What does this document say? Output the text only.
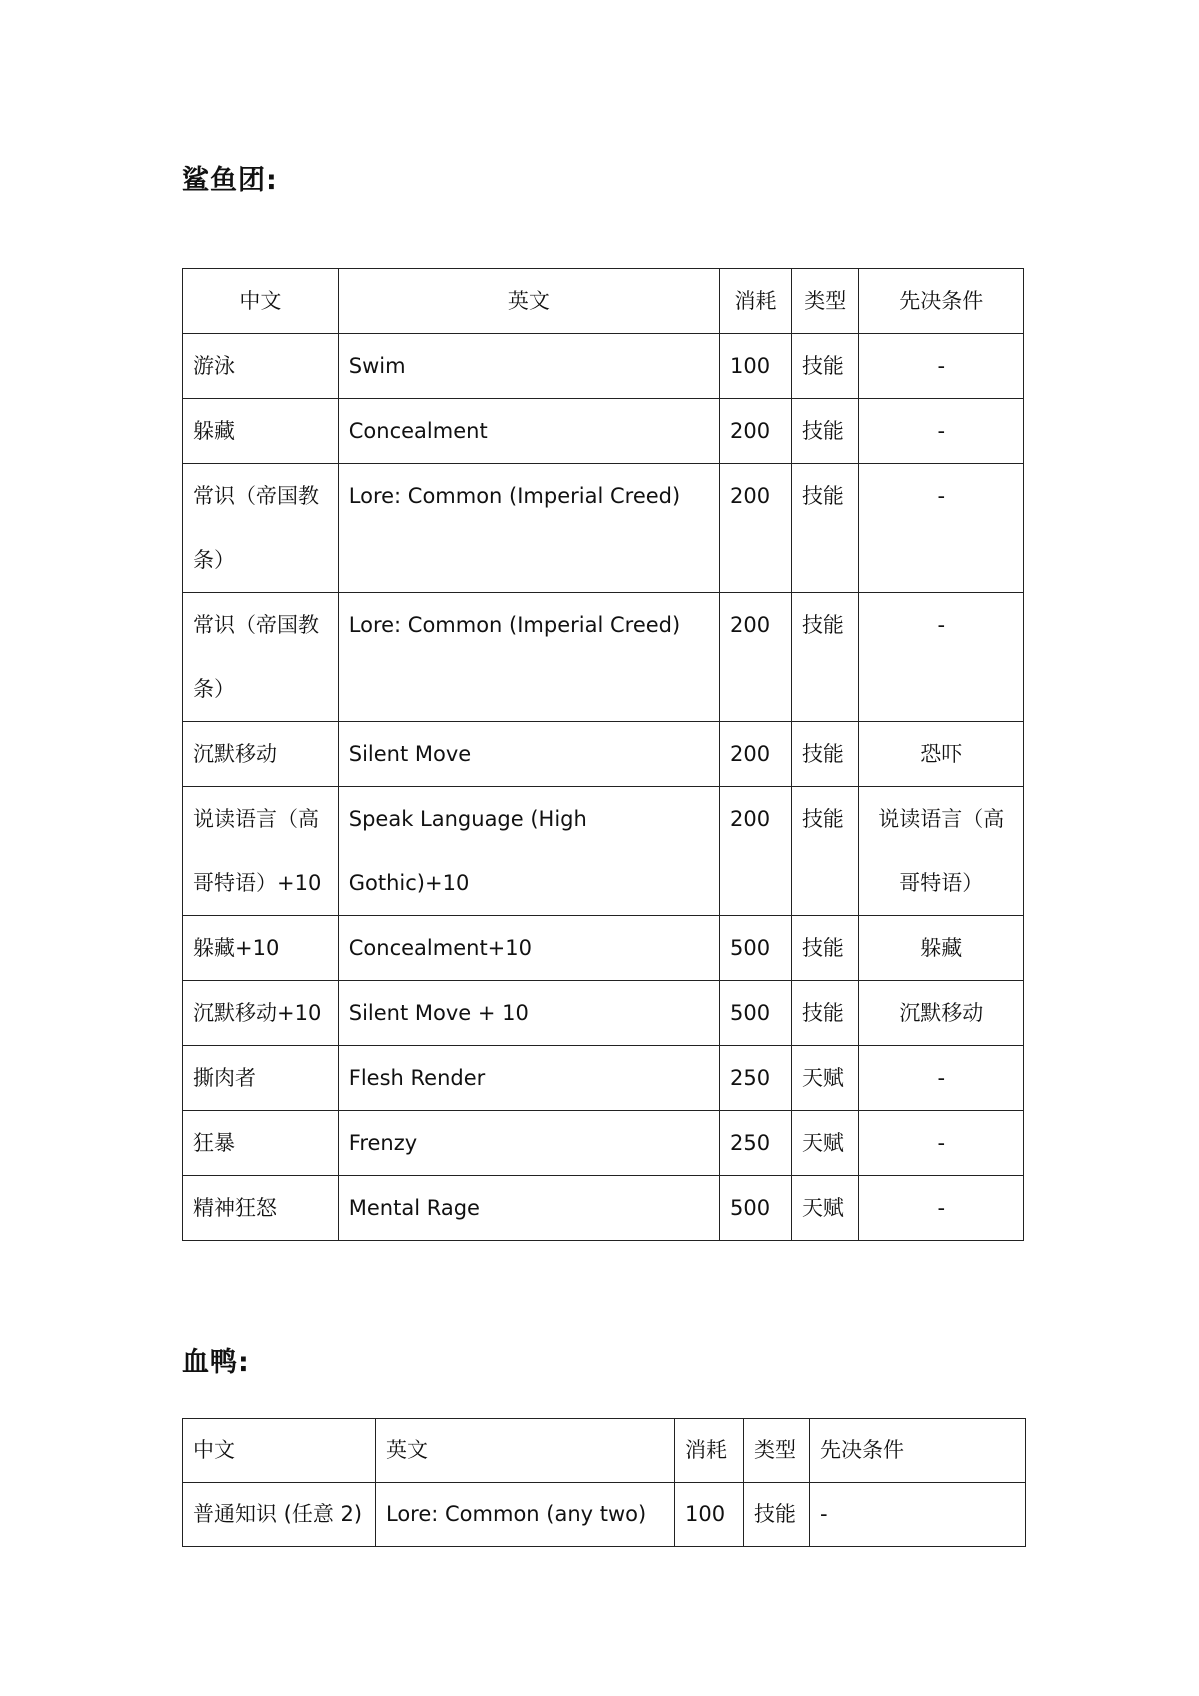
鲨鱼团:
中文	英文	消耗	类型	先决条件
游泳	Swim	100	技能	-
躲藏	Concealment	200	技能	-
常识（帝国教条）	Lore: Common (Imperial Creed)	200	技能	-
常识（帝国教条）	Lore: Common (Imperial Creed)	200	技能	-
沉默移动	Silent Move	200	技能	恐吓
说读语言（高哥特语）+10	Speak Language (High Gothic)+10	200	技能	说读语言（高哥特语）
躲藏+10	Concealment+10	500	技能	躲藏
沉默移动+10	Silent Move + 10	500	技能	沉默移动
撕肉者	Flesh Render	250	天赋	-
狂暴	Frenzy	250	天赋	-
精神狂怒	Mental Rage	500	天赋	-
血鸭:
中文	英文	消耗	类型	先决条件
普通知识 (任意 2)	Lore: Common (any two)	100	技能	-
